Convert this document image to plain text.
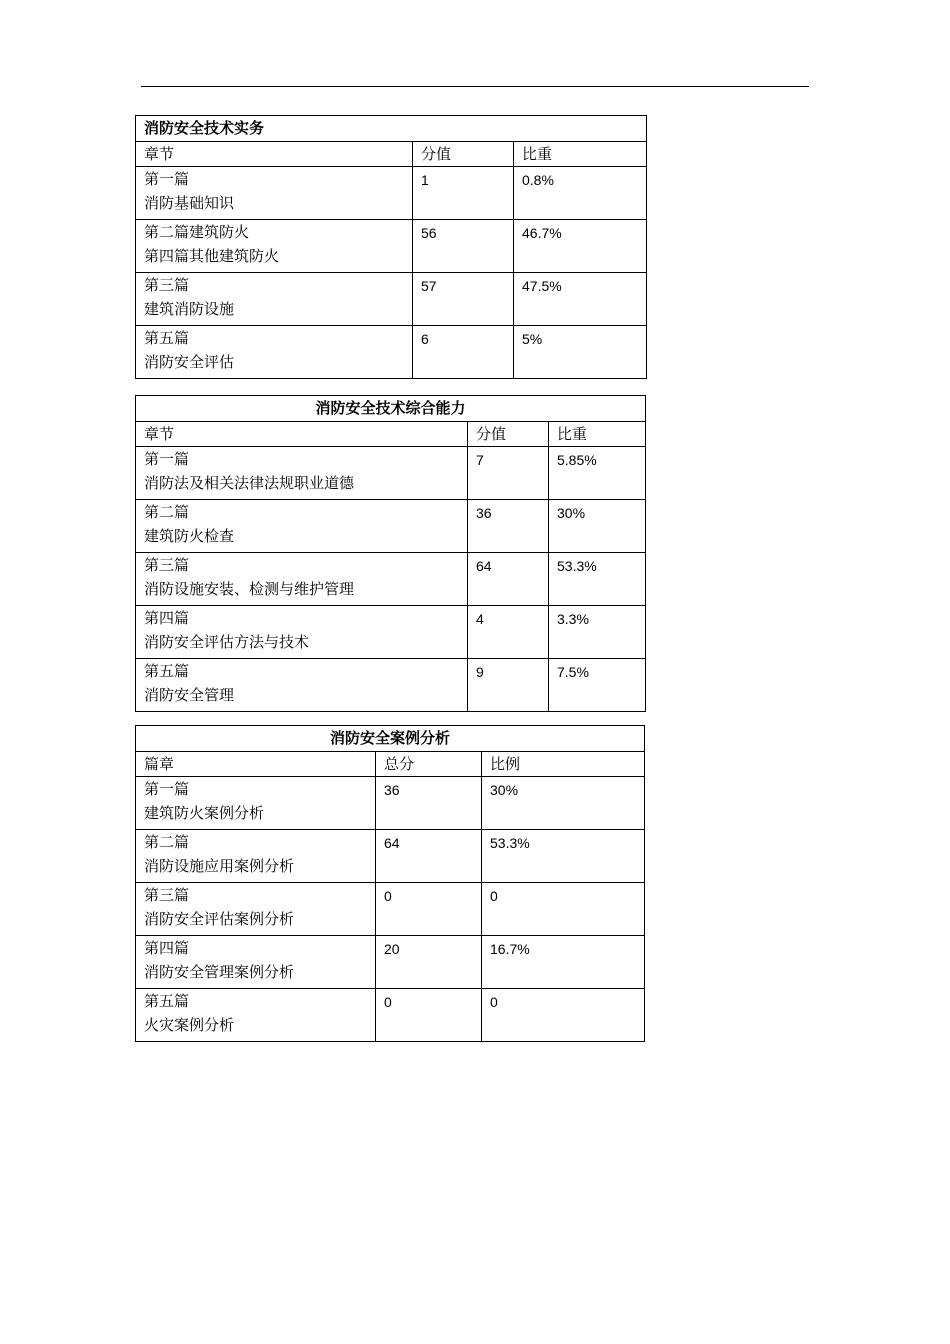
消防安全技术实务		
章节	分值	比重

第一篇
消防基础知识	1	0.8%

第二篇建筑防火
第四篇其他建筑防火	56	46.7%

第三篇
建筑消防设施	57	47.5%

第五篇
消防安全评估	6	5%
消防安全技术综合能力		
章节	分值	比重

第一篇
消防法及相关法律法规职业道德	7	5.85%

第二篇
建筑防火检查	36	30%

第三篇
消防设施安装、检测与维护管理	64	53.3%

第四篇
消防安全评估方法与技术	4	3.3%

第五篇
消防安全管理	9	7.5%
消防安全案例分析		
篇章	总分	比例

第一篇
建筑防火案例分析	36	30%

第二篇
消防设施应用案例分析	64	53.3%

第三篇
消防安全评估案例分析	0	0

第四篇
消防安全管理案例分析	20	16.7%

第五篇
火灾案例分析	0	0
